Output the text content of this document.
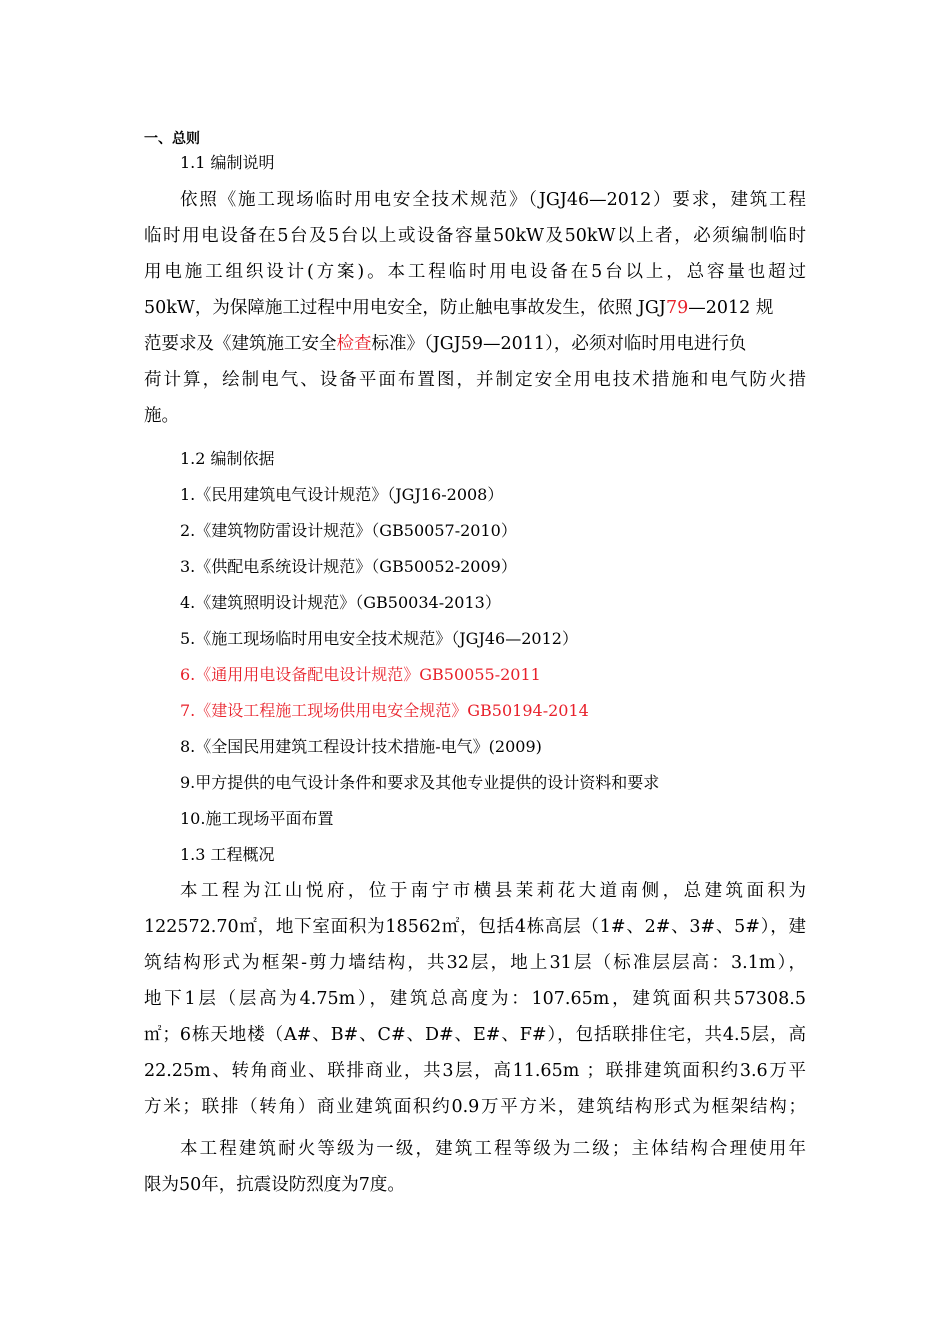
一、总则
1.1 编制说明
依照《施工现场临时用电安全技术规范》（JGJ46—2012）要求，建筑工程
临时用电设备在5台及5台以上或设备容量50kW及50kW以上者，必须编制临时
用电施工组织设计(方案)。本工程临时用电设备在5台以上，总容量也超过
50kW，为保障施工过程中用电安全，防止触电事故发生，依照 JGJ 79 —2012 规
范要求及《建筑施工安全检查标准》（JGJ59—2011），必须对临时用电进行负
荷计算，绘制电气、设备平面布置图，并制定安全用电技术措施和电气防火措
施。
1.2 编制依据
1.《民用建筑电气设计规范》（JGJ16-2008）
2.《建筑物防雷设计规范》（GB50057-2010）
3.《供配电系统设计规范》（GB50052-2009）
4.《建筑照明设计规范》（GB50034-2013）
5.《施工现场临时用电安全技术规范》（JGJ46—2012）
6.《通用用电设备配电设计规范》GB50055-2011
7.《建设工程施工现场供用电安全规范》GB50194-2014
8.《全国民用建筑工程设计技术措施-电气》(2009)
9.甲方提供的电气设计条件和要求及其他专业提供的设计资料和要求
10.施工现场平面布置
1.3 工程概况
本工程为江山悦府，位于南宁市横县茉莉花大道南侧，总建筑面积为
122572.70㎡，地下室面积为18562㎡，包括4栋高层（1#、2#、3#、5#），建
筑结构形式为框架-剪力墙结构，共32层，地上31层（标准层层高：3.1m），
地下1层（层高为4.75m），建筑总高度为：107.65m，建筑面积共57308.5
㎡；6栋天地楼（A#、B#、C#、D#、E#、F#），包括联排住宅，共4.5层，高
22.25m、转角商业、联排商业，共3层，高11.65m ；联排建筑面积约3.6万平
方米；联排（转角）商业建筑面积约0.9万平方米，建筑结构形式为框架结构；
本工程建筑耐火等级为一级，建筑工程等级为二级；主体结构合理使用年
限为50年，抗震设防烈度为7度。
